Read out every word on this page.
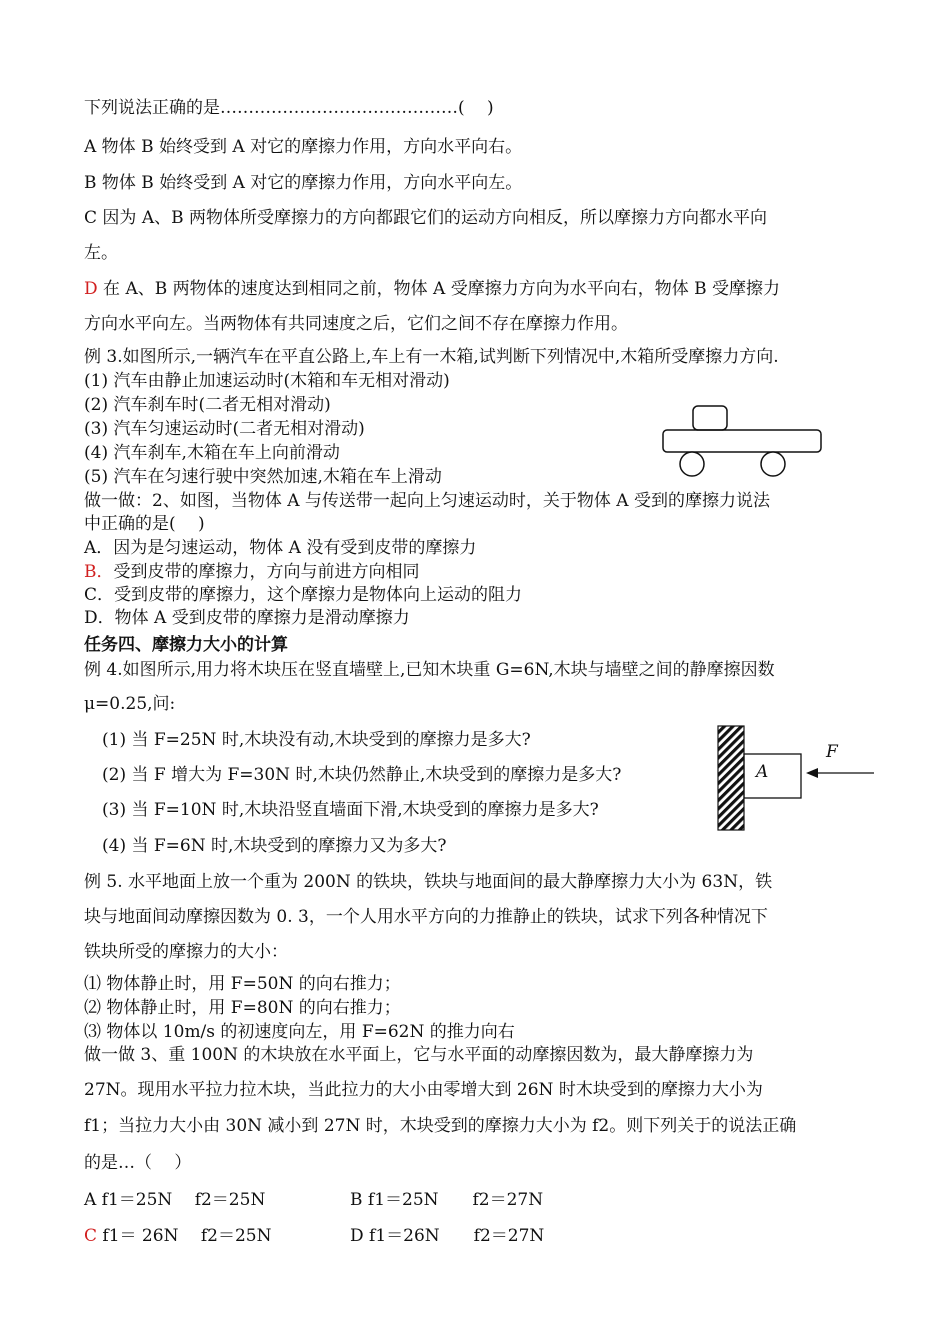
下列说法正确的是……………………………………(　 )
A 物体 B 始终受到 A 对它的摩擦力作用，方向水平向右。
B 物体 B 始终受到 A 对它的摩擦力作用，方向水平向左。
C 因为 A、B 两物体所受摩擦力的方向都跟它们的运动方向相反，所以摩擦力方向都水平向
左。
D 在 A、B 两物体的速度达到相同之前，物体 A 受摩擦力方向为水平向右，物体 B 受摩擦力
方向水平向左。当两物体有共同速度之后，它们之间不存在摩擦力作用。
例 3.如图所示,一辆汽车在平直公路上,车上有一木箱,试判断下列情况中,木箱所受摩擦力方向.
(1) 汽车由静止加速运动时(木箱和车无相对滑动)
(2) 汽车刹车时(二者无相对滑动)
(3) 汽车匀速运动时(二者无相对滑动)
(4) 汽车刹车,木箱在车上向前滑动
(5) 汽车在匀速行驶中突然加速,木箱在车上滑动
做一做：2、如图，当物体 A 与传送带一起向上匀速运动时，关于物体 A 受到的摩擦力说法
中正确的是(　 )
A．因为是匀速运动，物体 A 没有受到皮带的摩擦力
B．受到皮带的摩擦力，方向与前进方向相同
C．受到皮带的摩擦力，这个摩擦力是物体向上运动的阻力
D．物体 A 受到皮带的摩擦力是滑动摩擦力
任务四、摩擦力大小的计算
例 4.如图所示,用力将木块压在竖直墙壁上,已知木块重 G=6N,木块与墙壁之间的静摩擦因数
μ=0.25,问:
(1) 当 F=25N 时,木块没有动,木块受到的摩擦力是多大?
(2) 当 F 增大为 F=30N 时,木块仍然静止,木块受到的摩擦力是多大?
(3) 当 F=10N 时,木块沿竖直墙面下滑,木块受到的摩擦力是多大?
(4) 当 F=6N 时,木块受到的摩擦力又为多大?
F
A
例 5. 水平地面上放一个重为 200N 的铁块，铁块与地面间的最大静摩擦力大小为 63N，铁
块与地面间动摩擦因数为 0. 3，一个人用水平方向的力推静止的铁块，试求下列各种情况下
铁块所受的摩擦力的大小：
⑴ 物体静止时，用 F=50N 的向右推力；
⑵ 物体静止时，用 F=80N 的向右推力；
⑶ 物体以 10m/s 的初速度向左，用 F=62N 的推力向右
做一做 3、重 100N 的木块放在水平面上，它与水平面的动摩擦因数为，最大静摩擦力为
27N。现用水平拉力拉木块，当此拉力的大小由零增大到 26N 时木块受到的摩擦力大小为
f1；当拉力大小由 30N 减小到 27N 时，木块受到的摩擦力大小为 f2。则下列关于的说法正确
的是…（　 ）
A f1＝25N　 f2＝25N	B f1＝25N　　f2＝27N
C f1＝ 26N　 f2＝25N	D f1＝26N　　f2＝27N
